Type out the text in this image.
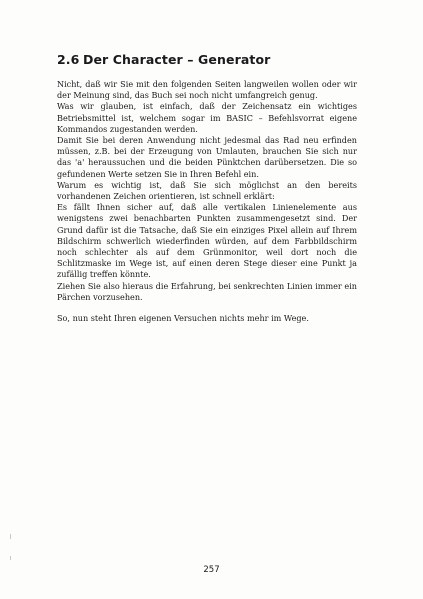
2.6 Der Character – Generator

Nicht, daß wir Sie mit den folgenden Seiten langweilen wollen oder wir der Meinung sind, das Buch sei noch nicht umfangreich genug.

Was wir glauben, ist einfach, daß der Zeichensatz ein wichtiges Betriebsmittel ist, welchem sogar im BASIC – Befehlsvorrat eigene Kommandos zugestanden werden.

Damit Sie bei deren Anwendung nicht jedesmal das Rad neu erfinden müssen, z.B. bei der Erzeugung von Umlauten, brauchen Sie sich nur das 'a' heraussuchen und die beiden Pünktchen darübersetzen. Die so gefundenen Werte setzen Sie in Ihren Befehl ein.

Warum es wichtig ist, daß Sie sich möglichst an den bereits vorhandenen Zeichen orientieren, ist schnell erklärt:

Es fällt Ihnen sicher auf, daß alle vertikalen Linienelemente aus wenigstens zwei benachbarten Punkten zusammengesetzt sind. Der Grund dafür ist die Tatsache, daß Sie ein einziges Pixel allein auf Ihrem Bildschirm schwerlich wiederfinden würden, auf dem Farbbildschirm noch schlechter als auf dem Grünmonitor, weil dort noch die Schlitzmaske im Wege ist, auf einen deren Stege dieser eine Punkt ja zufällig treffen könnte.

Ziehen Sie also hieraus die Erfahrung, bei senkrechten Linien immer ein Pärchen vorzusehen.

So, nun steht Ihren eigenen Versuchen nichts mehr im Wege.

257
